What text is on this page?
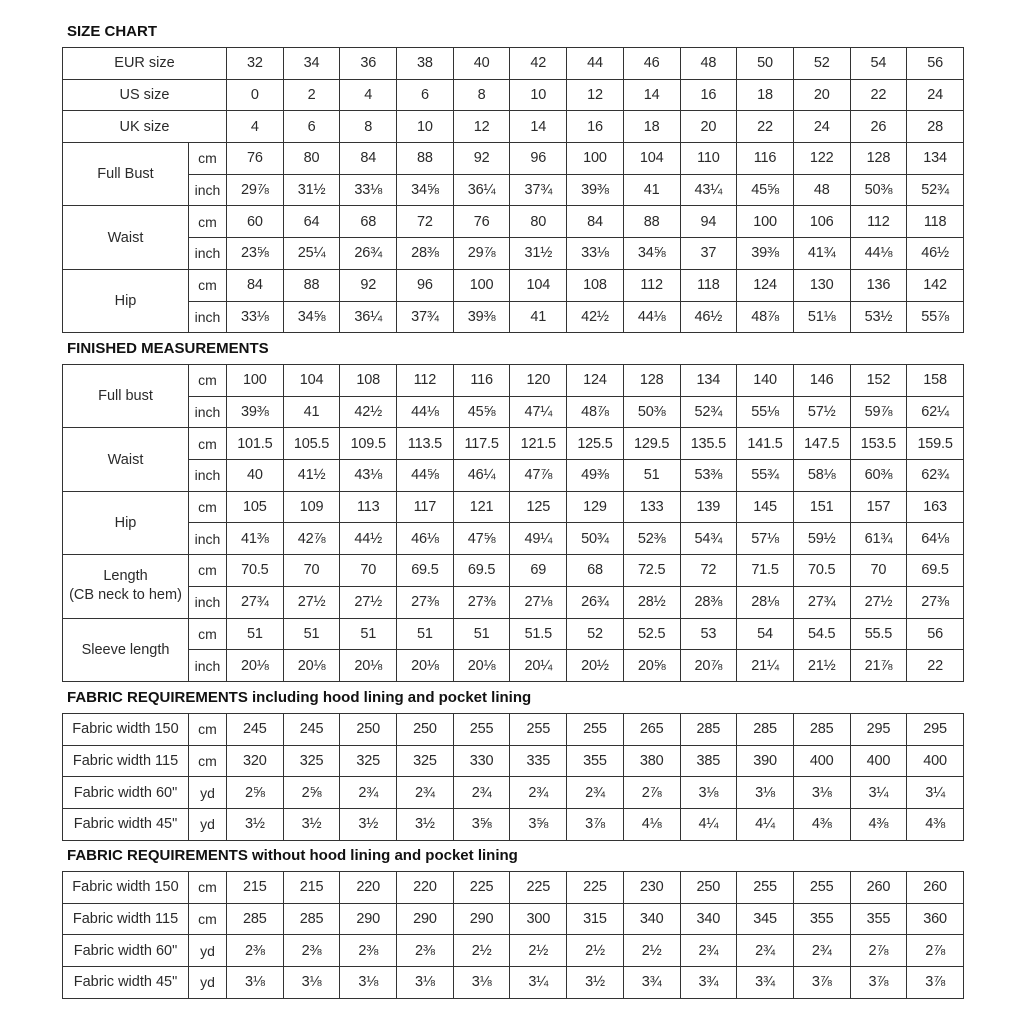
SIZE CHART
EUR size		32	34	36	38	40	42	44	46	48	50	52	54	56
US size		0	2	4	6	8	10	12	14	16	18	20	22	24
UK size		4	6	8	10	12	14	16	18	20	22	24	26	28
Full Bust	cm	76	80	84	88	92	96	100	104	110	116	122	128	134
	inch	29⅞	31½	33⅛	34⅝	36¼	37¾	39⅜	41	43¼	45⅝	48	50⅜	52¾
Waist	cm	60	64	68	72	76	80	84	88	94	100	106	112	118
	inch	23⅝	25¼	26¾	28⅜	29⅞	31½	33⅛	34⅝	37	39⅜	41¾	44⅛	46½
Hip	cm	84	88	92	96	100	104	108	112	118	124	130	136	142
	inch	33⅛	34⅝	36¼	37¾	39⅜	41	42½	44⅛	46½	48⅞	51⅛	53½	55⅞
FINISHED MEASUREMENTS
Full bust	cm	100	104	108	112	116	120	124	128	134	140	146	152	158
	inch	39⅜	41	42½	44⅛	45⅝	47¼	48⅞	50⅜	52¾	55⅛	57½	59⅞	62¼
Waist	cm	101.5	105.5	109.5	113.5	117.5	121.5	125.5	129.5	135.5	141.5	147.5	153.5	159.5
	inch	40	41½	43⅛	44⅝	46¼	47⅞	49⅜	51	53⅜	55¾	58⅛	60⅜	62¾
Hip	cm	105	109	113	117	121	125	129	133	139	145	151	157	163
	inch	41⅜	42⅞	44½	46⅛	47⅝	49¼	50¾	52⅜	54¾	57⅛	59½	61¾	64⅛
Length
(CB neck to hem)	cm	70.5	70	70	69.5	69.5	69	68	72.5	72	71.5	70.5	70	69.5
	inch	27¾	27½	27½	27⅜	27⅜	27⅛	26¾	28½	28⅜	28⅛	27¾	27½	27⅜
Sleeve length	cm	51	51	51	51	51	51.5	52	52.5	53	54	54.5	55.5	56
	inch	20⅛	20⅛	20⅛	20⅛	20⅛	20¼	20½	20⅝	20⅞	21¼	21½	21⅞	22
FABRIC REQUIREMENTS including hood lining and pocket lining
Fabric width 150	cm	245	245	250	250	255	255	255	265	285	285	285	295	295
Fabric width 115	cm	320	325	325	325	330	335	355	380	385	390	400	400	400
Fabric width 60"	yd	2⅝	2⅝	2¾	2¾	2¾	2¾	2¾	2⅞	3⅛	3⅛	3⅛	3¼	3¼
Fabric width 45"	yd	3½	3½	3½	3½	3⅝	3⅝	3⅞	4⅛	4¼	4¼	4⅜	4⅜	4⅜
FABRIC REQUIREMENTS without hood lining and pocket lining
Fabric width 150	cm	215	215	220	220	225	225	225	230	250	255	255	260	260
Fabric width 115	cm	285	285	290	290	290	300	315	340	340	345	355	355	360
Fabric width 60"	yd	2⅜	2⅜	2⅜	2⅜	2½	2½	2½	2½	2¾	2¾	2¾	2⅞	2⅞
Fabric width 45"	yd	3⅛	3⅛	3⅛	3⅛	3⅛	3¼	3½	3¾	3¾	3¾	3⅞	3⅞	3⅞
